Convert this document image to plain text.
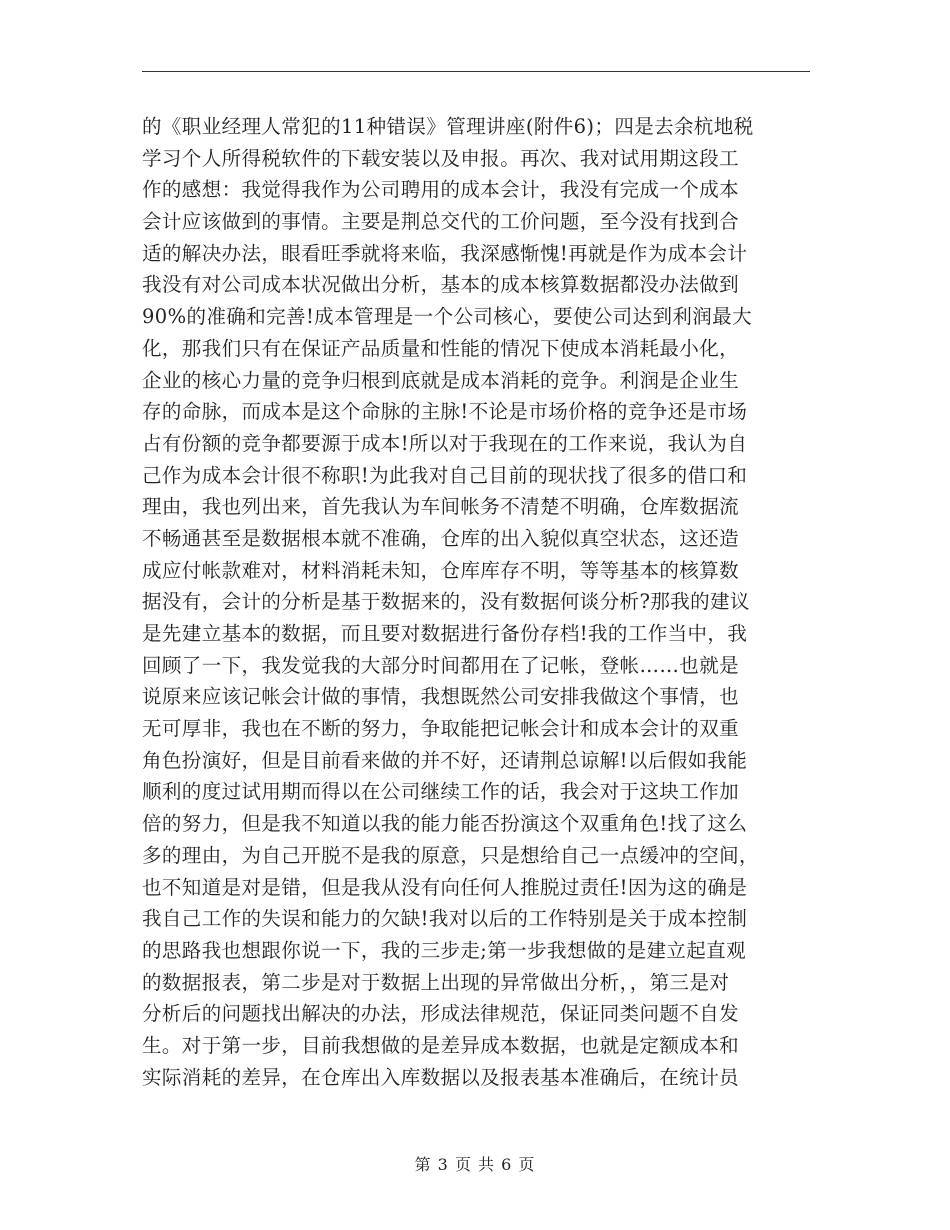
的《职业经理人常犯的11种错误》管理讲座(附件6)；四是去余杭地税
学习个人所得税软件的下载安装以及申报。再次、我对试用期这段工
作的感想：我觉得我作为公司聘用的成本会计，我没有完成一个成本
会计应该做到的事情。主要是荆总交代的工价问题，至今没有找到合
适的解决办法，眼看旺季就将来临，我深感惭愧!再就是作为成本会计
我没有对公司成本状况做出分析，基本的成本核算数据都没办法做到
90%的准确和完善!成本管理是一个公司核心，要使公司达到利润最大
化，那我们只有在保证产品质量和性能的情况下使成本消耗最小化，
企业的核心力量的竞争归根到底就是成本消耗的竞争。利润是企业生
存的命脉，而成本是这个命脉的主脉!不论是市场价格的竞争还是市场
占有份额的竞争都要源于成本!所以对于我现在的工作来说，我认为自
己作为成本会计很不称职!为此我对自己目前的现状找了很多的借口和
理由，我也列出来，首先我认为车间帐务不清楚不明确，仓库数据流
不畅通甚至是数据根本就不准确，仓库的出入貌似真空状态，这还造
成应付帐款难对，材料消耗未知，仓库库存不明，等等基本的核算数
据没有，会计的分析是基于数据来的，没有数据何谈分析?那我的建议
是先建立基本的数据，而且要对数据进行备份存档!我的工作当中，我
回顾了一下，我发觉我的大部分时间都用在了记帐，登帐……也就是
说原来应该记帐会计做的事情，我想既然公司安排我做这个事情，也
无可厚非，我也在不断的努力，争取能把记帐会计和成本会计的双重
角色扮演好，但是目前看来做的并不好，还请荆总谅解!以后假如我能
顺利的度过试用期而得以在公司继续工作的话，我会对于这块工作加
倍的努力，但是我不知道以我的能力能否扮演这个双重角色!找了这么
多的理由，为自己开脱不是我的原意，只是想给自己一点缓冲的空间，
也不知道是对是错，但是我从没有向任何人推脱过责任!因为这的确是
我自己工作的失误和能力的欠缺!我对以后的工作特别是关于成本控制
的思路我也想跟你说一下，我的三步走;第一步我想做的是建立起直观
的数据报表，第二步是对于数据上出现的异常做出分析，，第三是对
分析后的问题找出解决的办法，形成法律规范，保证同类问题不自发
生。对于第一步，目前我想做的是差异成本数据，也就是定额成本和
实际消耗的差异，在仓库出入库数据以及报表基本准确后，在统计员
第 3 页 共 6 页
